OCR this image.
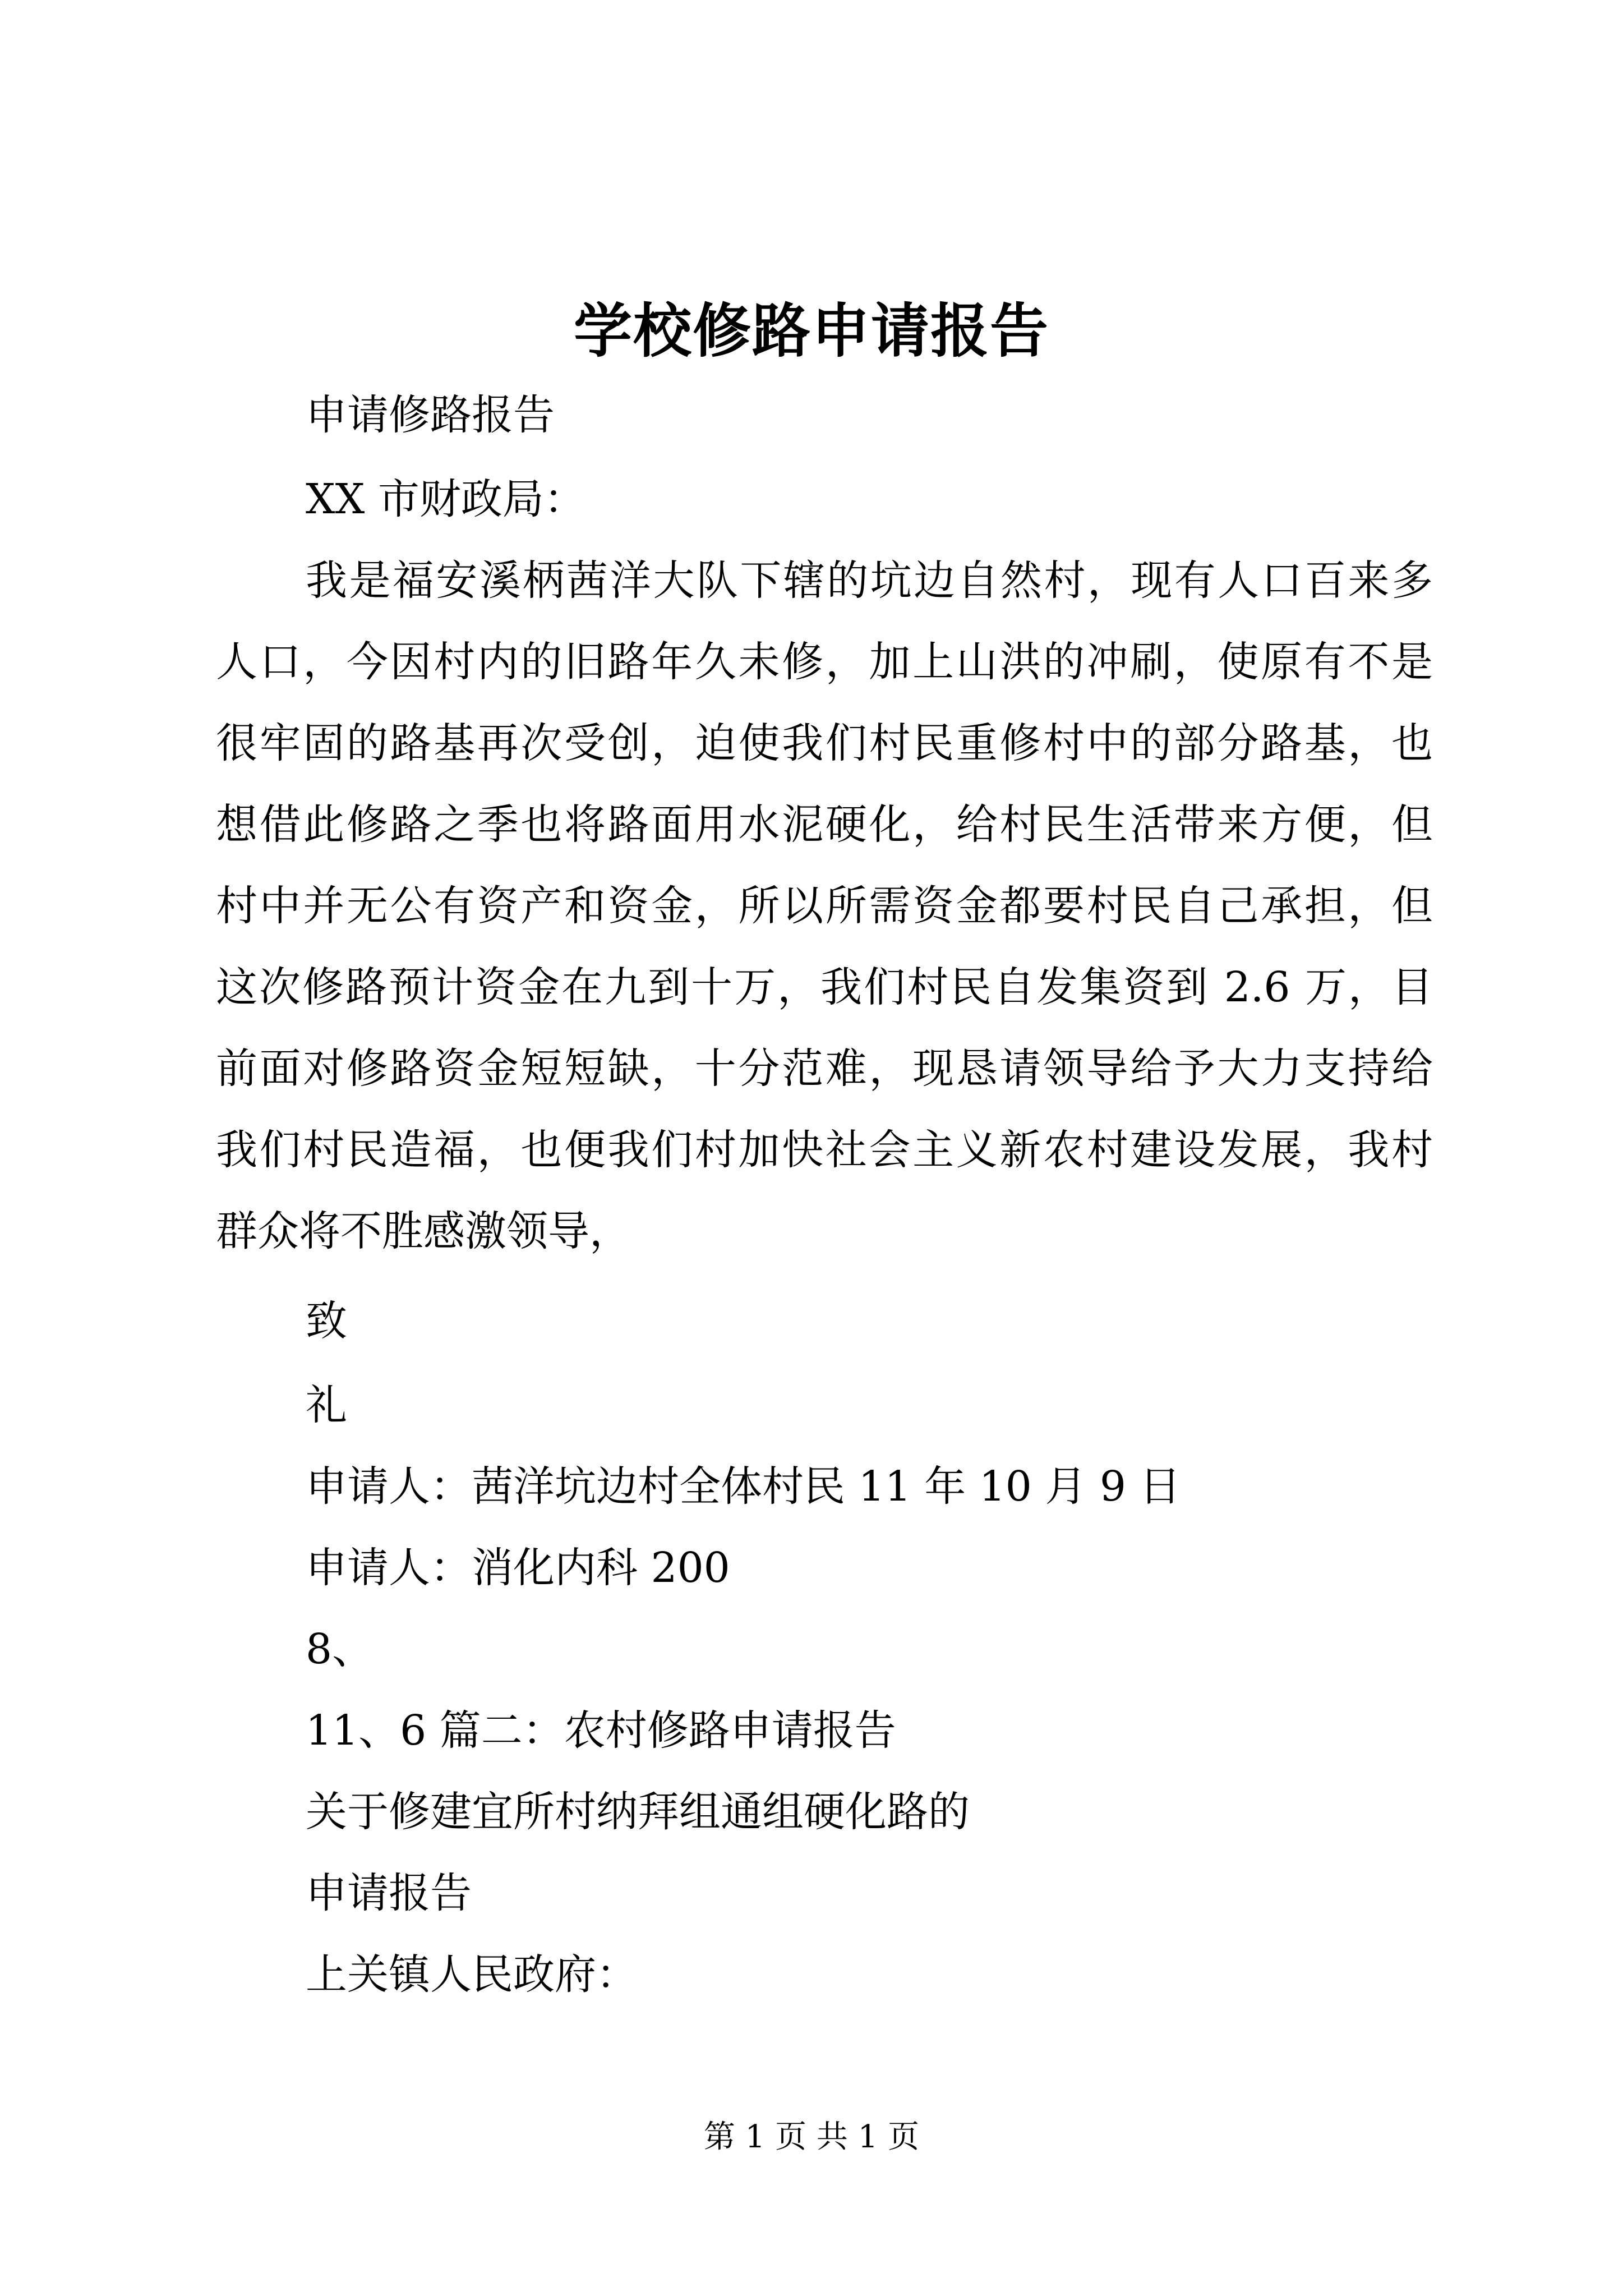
学校修路申请报告
申请修路报告
XX 市财政局：
我是福安溪柄茜洋大队下辖的坑边自然村，现有人口百来多
人口，今因村内的旧路年久未修，加上山洪的冲刷，使原有不是
很牢固的路基再次受创，迫使我们村民重修村中的部分路基，也
想借此修路之季也将路面用水泥硬化，给村民生活带来方便，但
村中并无公有资产和资金，所以所需资金都要村民自己承担，但
这次修路预计资金在九到十万，我们村民自发集资到 2.6 万，目
前面对修路资金短短缺，十分范难，现恳请领导给予大力支持给
我们村民造福，也便我们村加快社会主义新农村建设发展，我村
群众将不胜感激领导，
致
礼
申请人：茜洋坑边村全体村民 11 年 10 月 9 日
申请人：消化内科 200
8、
11、6 篇二：农村修路申请报告
关于修建宜所村纳拜组通组硬化路的
申请报告
上关镇人民政府：
第 1 页 共 1 页
